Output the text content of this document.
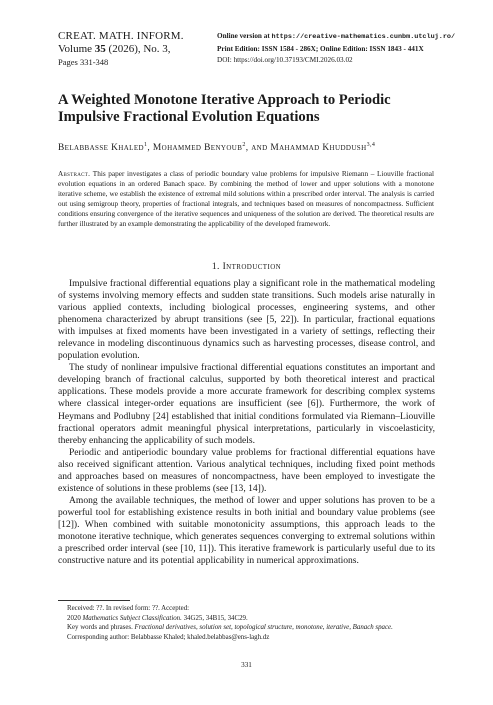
CREAT. MATH. INFORM.
Volume 35 (2026), No. 3,
Pages 331-348
Online version at https://creative-mathematics.cunbm.utcluj.ro/
Print Edition: ISSN 1584 - 286X; Online Edition: ISSN 1843 - 441X
DOI: https://doi.org/10.37193/CMI.2026.03.02
A Weighted Monotone Iterative Approach to Periodic
Impulsive Fractional Evolution Equations
Belabbasse Khaled$^1$, Mohammed Benyoub$^2$, and Mahammad Khuddush$^{3,4}$
Abstract. This paper investigates a class of periodic boundary value problems for impulsive Riemann – Liouville fractional evolution equations in an ordered Banach space. By combining the method of lower and upper solutions with a monotone iterative scheme, we establish the existence of extremal mild solutions within a prescribed order interval. The analysis is carried out using semigroup theory, properties of fractional integrals, and techniques based on measures of noncompactness. Sufficient conditions ensuring convergence of the iterative sequences and uniqueness of the solution are derived. The theoretical results are further illustrated by an example demonstrating the applicability of the developed framework.
1. Introduction

Impulsive fractional differential equations play a significant role in the mathematical modeling of systems involving memory effects and sudden state transitions. Such models arise naturally in various applied contexts, including biological processes, engineering systems, and other phenomena characterized by abrupt transitions (see [5, 22]). In particular, fractional equations with impulses at fixed moments have been investigated in a variety of settings, reflecting their relevance in modeling discontinuous dynamics such as harvesting processes, disease control, and population evolution.

The study of nonlinear impulsive fractional differential equations constitutes an important and developing branch of fractional calculus, supported by both theoretical interest and practical applications. These models provide a more accurate framework for describing complex systems where classical integer-order equations are insufficient (see [6]). Furthermore, the work of Heymans and Podlubny [24] established that initial conditions formulated via Riemann–Liouville fractional operators admit meaningful physical interpretations, particularly in viscoelasticity, thereby enhancing the applicability of such models.

Periodic and antiperiodic boundary value problems for fractional differential equations have also received significant attention. Various analytical techniques, including fixed point methods and approaches based on measures of noncompactness, have been employed to investigate the existence of solutions in these problems (see [13, 14]).

Among the available techniques, the method of lower and upper solutions has proven to be a powerful tool for establishing existence results in both initial and boundary value problems (see [12]). When combined with suitable monotonicity assumptions, this approach leads to the monotone iterative technique, which generates sequences converging to extremal solutions within a prescribed order interval (see [10, 11]). This iterative framework is particularly useful due to its constructive nature and its potential applicability in numerical approximations.

Received: ??. In revised form: ??. Accepted:

2020 Mathematics Subject Classification. 34G25, 34B15, 34C29.

Key words and phrases. Fractional derivatives, solution set, topological structure, monotone, iterative, Banach space.

Corresponding author: Belabbasse Khaled; khaled.belabbas@ens-lagh.dz

331
